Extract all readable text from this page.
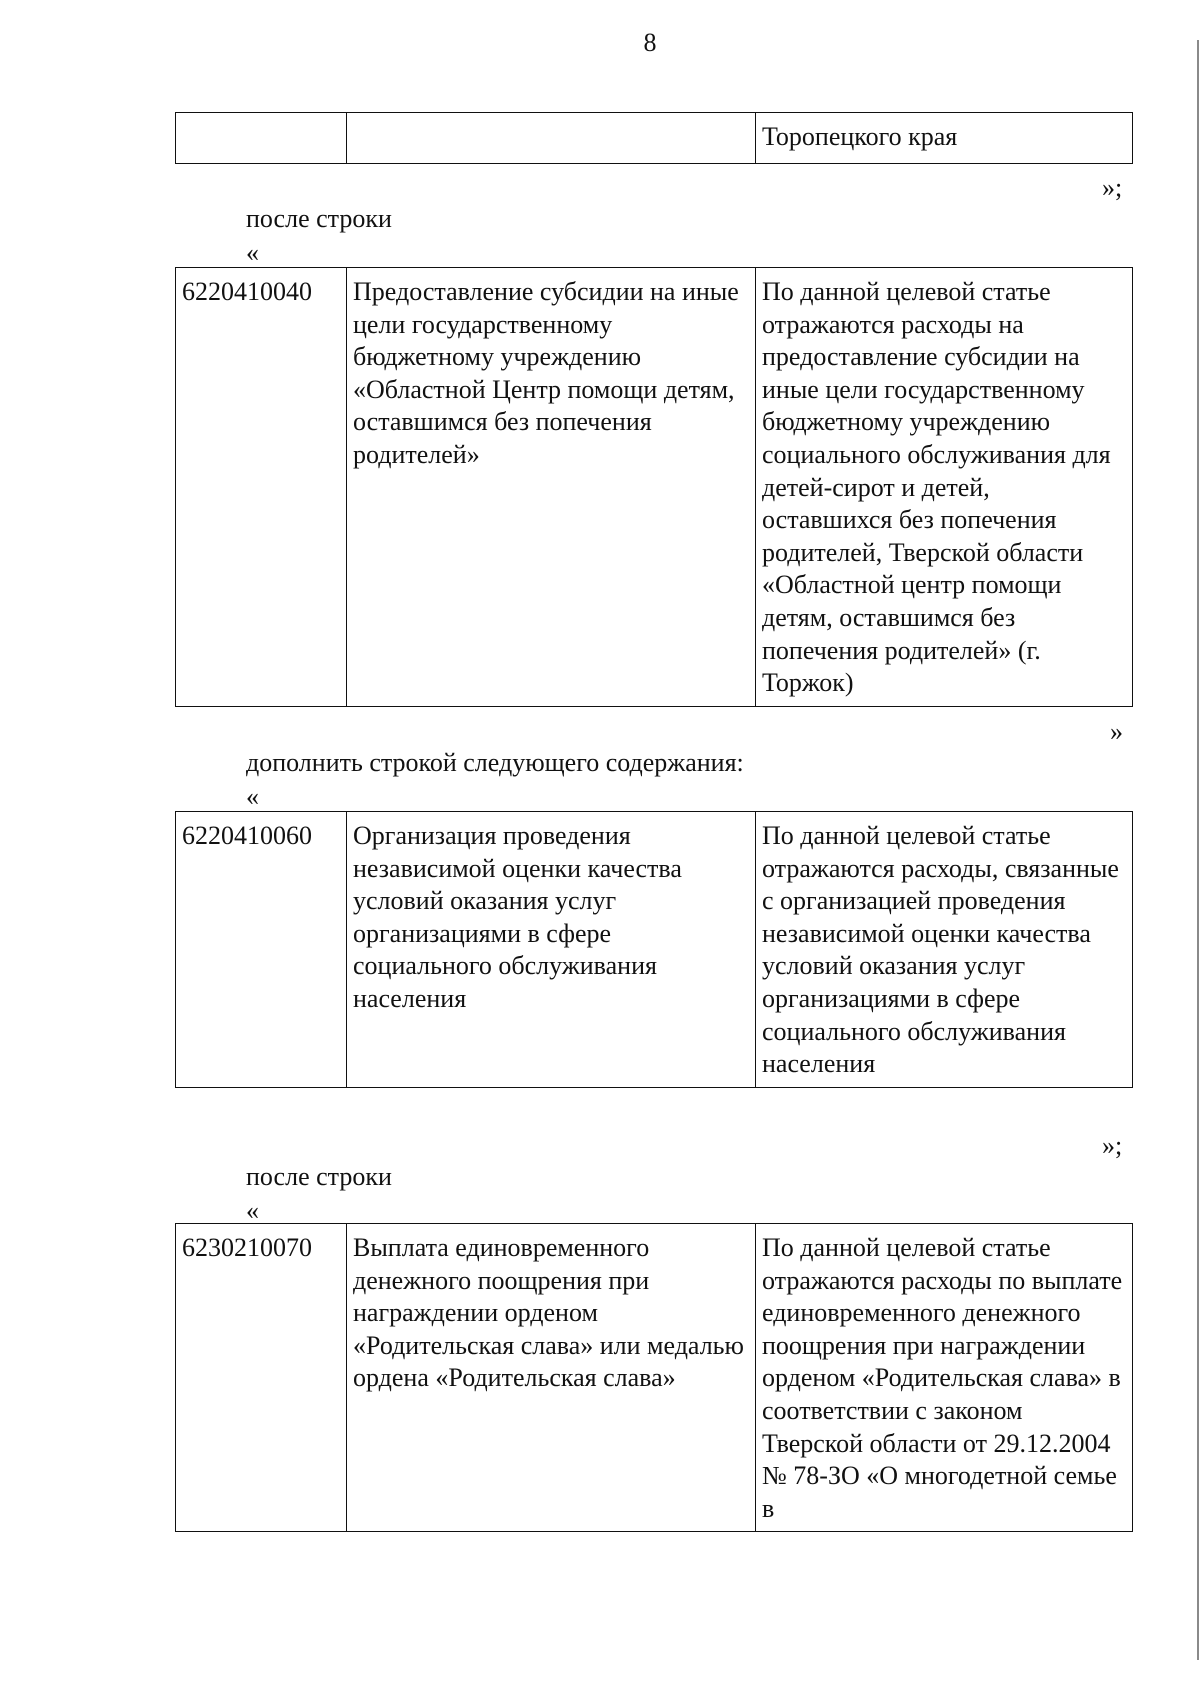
8
		Торопецкого края
»;
после строки
«
6220410040	Предоставление субсидии на иные цели государственному бюджетному учреждению «Областной Центр помощи детям, оставшимся без попечения родителей»	По данной целевой статье отражаются расходы на предоставление субсидии на иные цели государственному бюджетному учреждению социального обслуживания для детей-сирот и детей, оставшихся без попечения родителей, Тверской области «Областной центр помощи детям, оставшимся без попечения родителей» (г. Торжок)
»
дополнить строкой следующего содержания:
«
6220410060	Организация проведения независимой оценки качества условий оказания услуг организациями в сфере социального обслуживания населения	По данной целевой статье отражаются расходы, связанные с организацией проведения независимой оценки качества условий оказания услуг организациями в сфере социального обслуживания населения
»;
после строки
«
6230210070	Выплата единовременного денежного поощрения при награждении орденом «Родительская слава» или медалью ордена «Родительская слава»	По данной целевой статье отражаются расходы по выплате единовременного денежного поощрения при награждении орденом «Родительская слава» в соответствии с законом Тверской области от 29.12.2004 № 78-ЗО «О многодетной семье в
